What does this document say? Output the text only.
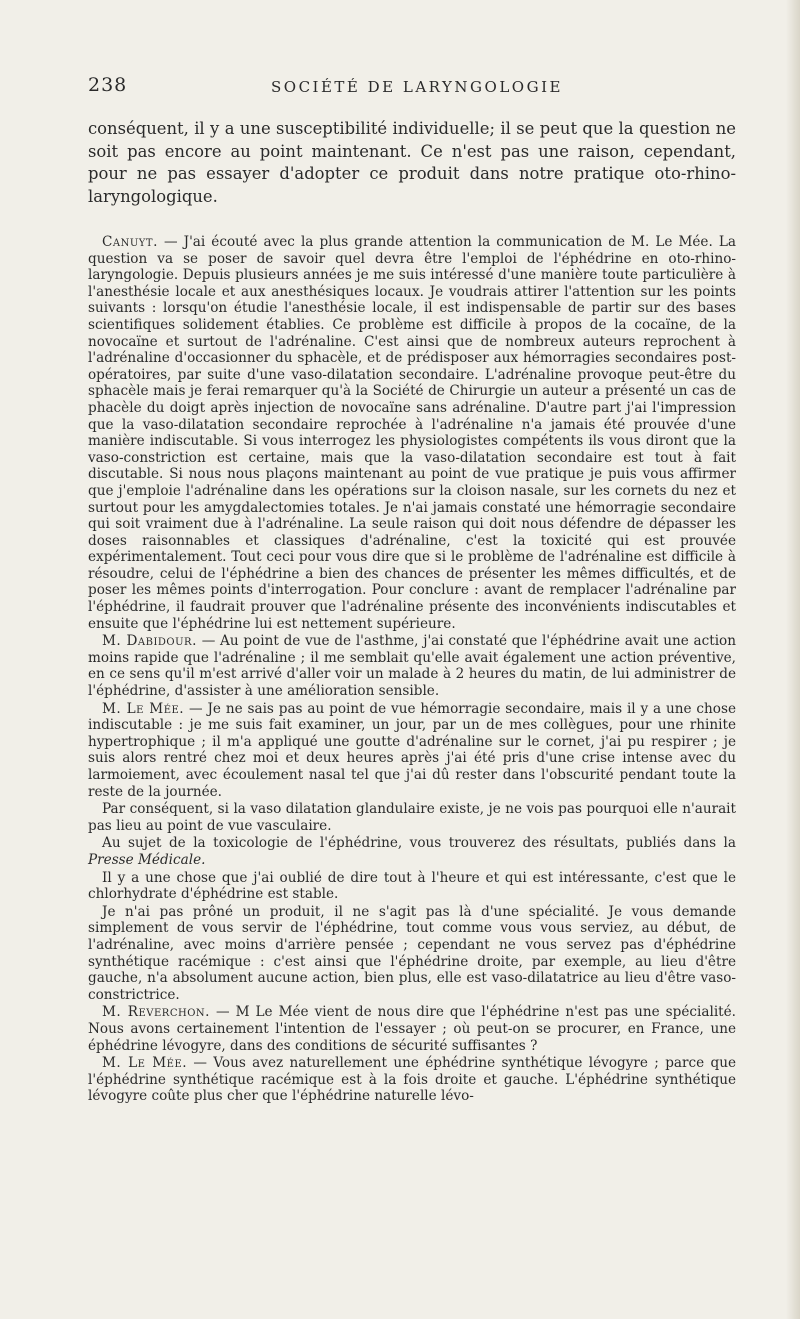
238	SOCIÉTÉ DE LARYNGOLOGIE
conséquent, il y a une susceptibilité individuelle; il se peut que la question ne soit pas encore au point maintenant. Ce n'est pas une raison, cependant, pour ne pas essayer d'adopter ce produit dans notre pratique oto-rhino-laryngologique.

Canuyt. — J'ai écouté avec la plus grande attention la communication de M. Le Mée. La question va se poser de savoir quel devra être l'emploi de l'éphédrine en oto-rhino-laryngologie. Depuis plusieurs années je me suis intéressé d'une manière toute particulière à l'anesthésie locale et aux anesthésiques locaux. Je voudrais attirer l'attention sur les points suivants : lorsqu'on étudie l'anesthésie locale, il est indispensable de partir sur des bases scientifiques solidement établies. Ce problème est difficile à propos de la cocaïne, de la novocaïne et surtout de l'adrénaline. C'est ainsi que de nombreux auteurs reprochent à l'adrénaline d'occasionner du sphacèle, et de prédisposer aux hémorragies secondaires post-opératoires, par suite d'une vaso-dilatation secondaire. L'adrénaline provoque peut-être du sphacèle mais je ferai remarquer qu'à la Société de Chirurgie un auteur a présenté un cas de phacèle du doigt après injection de novocaïne sans adrénaline. D'autre part j'ai l'impression que la vaso-dilatation secondaire reprochée à l'adrénaline n'a jamais été prouvée d'une manière indiscutable. Si vous interrogez les physiologistes compétents ils vous diront que la vaso-constriction est certaine, mais que la vaso-dilatation secondaire est tout à fait discutable. Si nous nous plaçons maintenant au point de vue pratique je puis vous affirmer que j'emploie l'adrénaline dans les opérations sur la cloison nasale, sur les cornets du nez et surtout pour les amygdalectomies totales. Je n'ai jamais constaté une hémorragie secondaire qui soit vraiment due à l'adrénaline. La seule raison qui doit nous défendre de dépasser les doses raisonnables et classiques d'adrénaline, c'est la toxicité qui est prouvée expérimentalement. Tout ceci pour vous dire que si le problème de l'adrénaline est difficile à résoudre, celui de l'éphédrine a bien des chances de présenter les mêmes difficultés, et de poser les mêmes points d'interrogation. Pour conclure : avant de remplacer l'adrénaline par l'éphédrine, il faudrait prouver que l'adrénaline présente des inconvénients indiscutables et ensuite que l'éphédrine lui est nettement supérieure.

M. Dabidour. — Au point de vue de l'asthme, j'ai constaté que l'éphédrine avait une action moins rapide que l'adrénaline ; il me semblait qu'elle avait également une action préventive, en ce sens qu'il m'est arrivé d'aller voir un malade à 2 heures du matin, de lui administrer de l'éphédrine, d'assister à une amélioration sensible.

M. Le Mée. — Je ne sais pas au point de vue hémorragie secondaire, mais il y a une chose indiscutable : je me suis fait examiner, un jour, par un de mes collègues, pour une rhinite hypertrophique ; il m'a appliqué une goutte d'adrénaline sur le cornet, j'ai pu respirer ; je suis alors rentré chez moi et deux heures après j'ai été pris d'une crise intense avec du larmoiement, avec écoulement nasal tel que j'ai dû rester dans l'obscurité pendant toute la reste de la journée.

Par conséquent, si la vaso dilatation glandulaire existe, je ne vois pas pourquoi elle n'aurait pas lieu au point de vue vasculaire.

Au sujet de la toxicologie de l'éphédrine, vous trouverez des résultats, publiés dans la Presse Médicale.

Il y a une chose que j'ai oublié de dire tout à l'heure et qui est intéressante, c'est que le chlorhydrate d'éphédrine est stable.

Je n'ai pas prôné un produit, il ne s'agit pas là d'une spécialité. Je vous demande simplement de vous servir de l'éphédrine, tout comme vous vous serviez, au début, de l'adrénaline, avec moins d'arrière pensée ; cependant ne vous servez pas d'éphédrine synthétique racémique : c'est ainsi que l'éphédrine droite, par exemple, au lieu d'être gauche, n'a absolument aucune action, bien plus, elle est vaso-dilatatrice au lieu d'être vaso-constrictrice.

M. Reverchon. — M Le Mée vient de nous dire que l'éphédrine n'est pas une spécialité. Nous avons certainement l'intention de l'essayer ; où peut-on se procurer, en France, une éphédrine lévogyre, dans des conditions de sécurité suffisantes ?

M. Le Mée. — Vous avez naturellement une éphédrine synthétique lévogyre ; parce que l'éphédrine synthétique racémique est à la fois droite et gauche. L'éphédrine synthétique lévogyre coûte plus cher que l'éphédrine naturelle lévo-
